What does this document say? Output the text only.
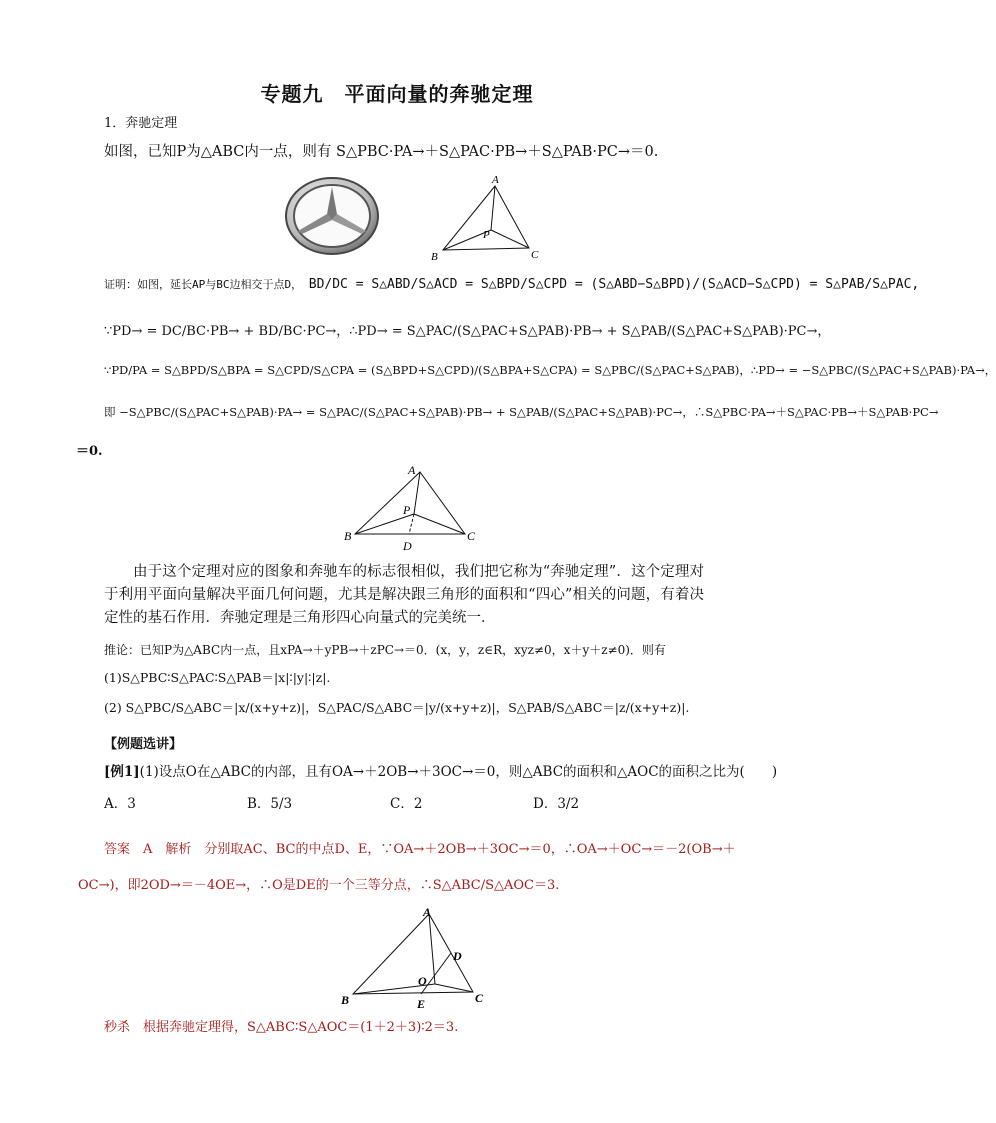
专题九　平面向量的奔驰定理
1．奔驰定理
如图，已知P为△ABC内一点，则有 S△PBC·PA→＋S△PAC·PB→＋S△PAB·PC→＝0.
A
B	C
P
证明：如图，延长AP与BC边相交于点D， BD/DC = S△ABD/S△ACD = S△BPD/S△CPD = (S△ABD−S△BPD)/(S△ACD−S△CPD) = S△PAB/S△PAC,
∵PD→ = DC/BC·PB→ + BD/BC·PC→，∴PD→ = S△PAC/(S△PAC+S△PAB)·PB→ + S△PAB/(S△PAC+S△PAB)·PC→，
∵PD/PA = S△BPD/S△BPA = S△CPD/S△CPA = (S△BPD+S△CPD)/(S△BPA+S△CPA) = S△PBC/(S△PAC+S△PAB)，∴PD→ = −S△PBC/(S△PAC+S△PAB)·PA→，
即 −S△PBC/(S△PAC+S△PAB)·PA→ = S△PAC/(S△PAC+S△PAB)·PB→ + S△PAB/(S△PAC+S△PAB)·PC→，∴S△PBC·PA→＋S△PAC·PB→＋S△PAB·PC→
＝0.
A
B	C
P
D
由于这个定理对应的图象和奔驰车的标志很相似，我们把它称为“奔驰定理”．这个定理对于利用平面向量解决平面几何问题，尤其是解决跟三角形的面积和“四心”相关的问题，有着决定性的基石作用．奔驰定理是三角形四心向量式的完美统一．
推论：已知P为△ABC内一点，且xPA→＋yPB→＋zPC→＝0．(x，y，z∈R，xyz≠0，x＋y＋z≠0)．则有
(1)S△PBC∶S△PAC∶S△PAB＝|x|∶|y|∶|z|.
(2) S△PBC/S△ABC＝|x/(x+y+z)|，S△PAC/S△ABC＝|y/(x+y+z)|，S△PAB/S△ABC＝|z/(x+y+z)|.
【例题选讲】
[例1](1)设点O在△ABC的内部，且有OA→＋2OB→＋3OC→＝0，则△ABC的面积和△AOC的面积之比为(　　)
A．3	B．5/3	C．2	D．3/2
答案　A　解析　分别取AC、BC的中点D、E，∵OA→＋2OB→＋3OC→＝0，∴OA→＋OC→＝－2(OB→＋
OC→)，即2OD→＝－4OE→，∴O是DE的一个三等分点，∴S△ABC/S△AOC＝3.
A
B	C
D
E
O
秒杀　根据奔驰定理得，S△ABC∶S△AOC＝(1＋2＋3)∶2＝3.
